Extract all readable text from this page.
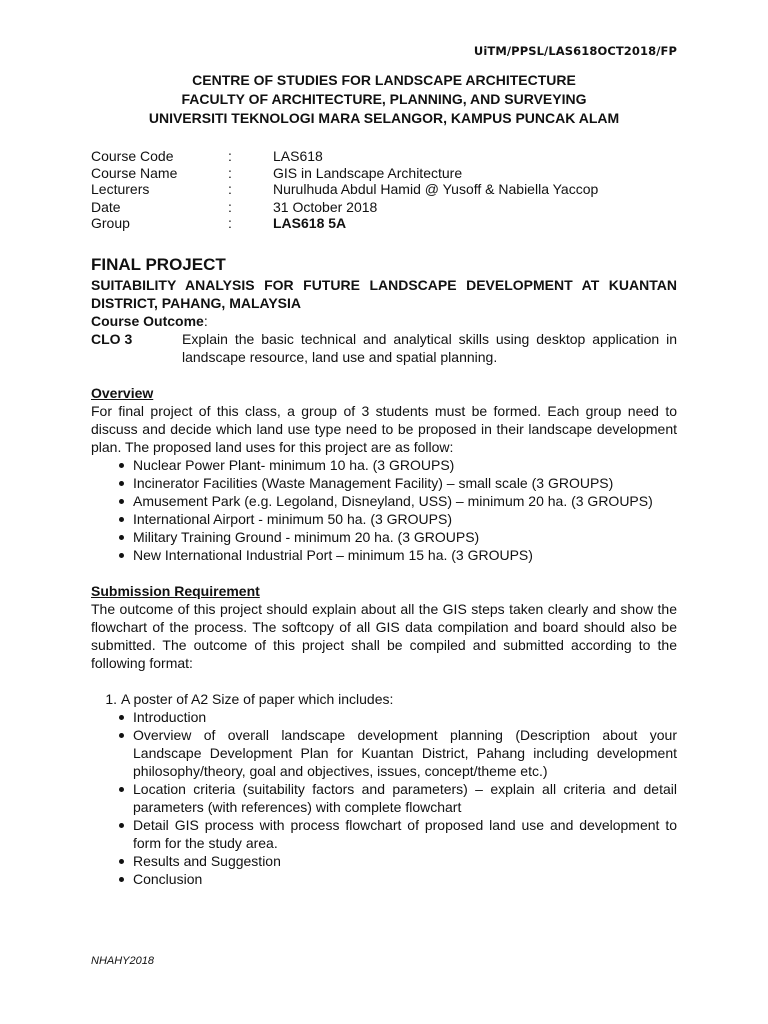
UiTM/PPSL/LAS618OCT2018/FP
CENTRE OF STUDIES FOR LANDSCAPE ARCHITECTURE
FACULTY OF ARCHITECTURE, PLANNING, AND SURVEYING
UNIVERSITI TEKNOLOGI MARA SELANGOR, KAMPUS PUNCAK ALAM
Course Code	:	LAS618
Course Name	:	GIS in Landscape Architecture
Lecturers	:	Nurulhuda Abdul Hamid @ Yusoff & Nabiella Yaccop
Date	:	31 October 2018
Group	:	LAS618 5A
FINAL PROJECT

SUITABILITY ANALYSIS FOR FUTURE LANDSCAPE DEVELOPMENT AT KUANTAN DISTRICT, PAHANG, MALAYSIA

Course Outcome:

CLO 3	Explain the basic technical and analytical skills using desktop application in landscape resource, land use and spatial planning.

Overview

For final project of this class, a group of 3 students must be formed. Each group need to discuss and decide which land use type need to be proposed in their landscape development plan. The proposed land uses for this project are as follow:

Nuclear Power Plant- minimum 10 ha. (3 GROUPS)
Incinerator Facilities (Waste Management Facility) – small scale (3 GROUPS)
Amusement Park (e.g. Legoland, Disneyland, USS) – minimum 20 ha. (3 GROUPS)
International Airport - minimum 50 ha. (3 GROUPS)
Military Training Ground - minimum 20 ha. (3 GROUPS)
New International Industrial Port – minimum 15 ha. (3 GROUPS)

Submission Requirement

The outcome of this project should explain about all the GIS steps taken clearly and show the flowchart of the process. The softcopy of all GIS data compilation and board should also be submitted. The outcome of this project shall be compiled and submitted according to the following format:

1. A poster of A2 Size of paper which includes:
Introduction
Overview of overall landscape development planning (Description about your Landscape Development Plan for Kuantan District, Pahang including development philosophy/theory, goal and objectives, issues, concept/theme etc.)
Location criteria (suitability factors and parameters) – explain all criteria and detail parameters (with references) with complete flowchart
Detail GIS process with process flowchart of proposed land use and development to form for the study area.
Results and Suggestion
Conclusion
NHAHY2018
